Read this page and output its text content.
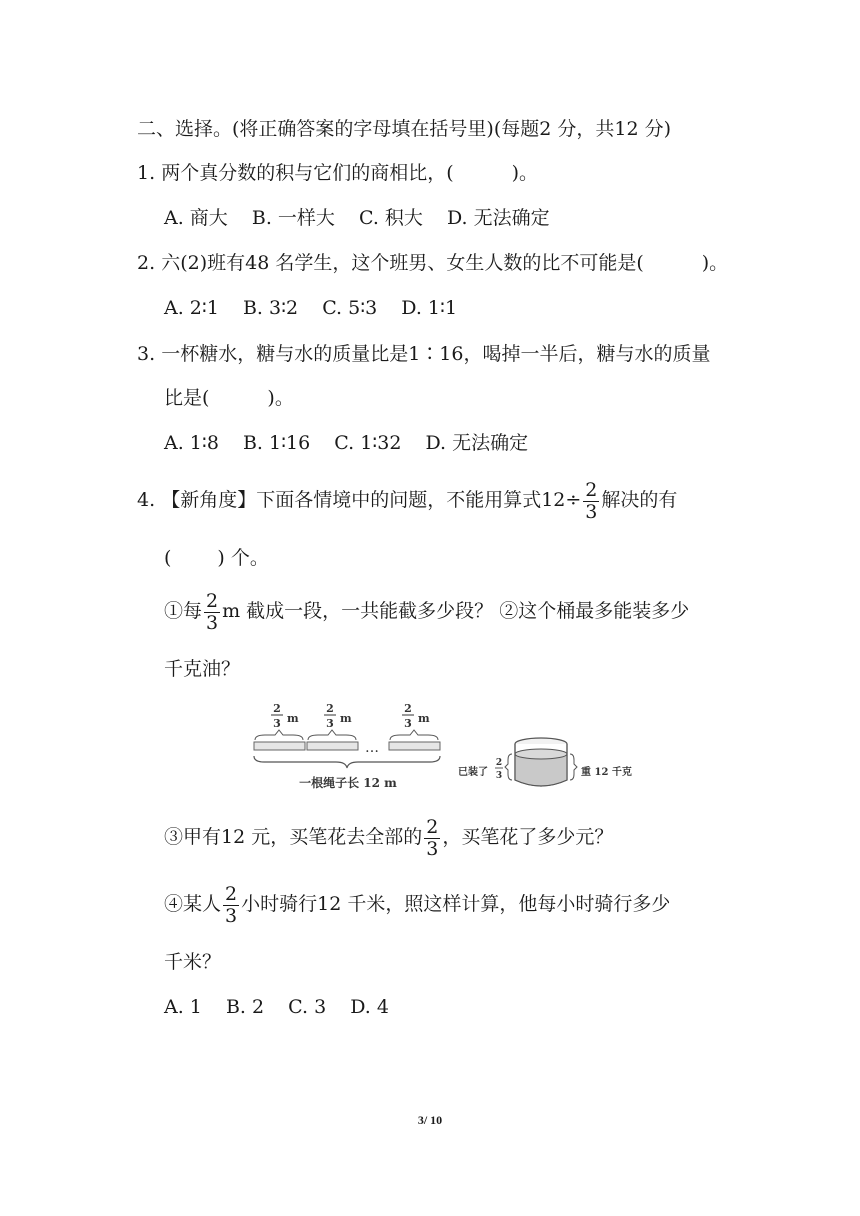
二、选择。(将正确答案的字母填在括号里)(每题2 分，共12 分)
1. 两个真分数的积与它们的商相比，(	)。
A. 商大 B. 一样大 C. 积大 D. 无法确定
2. 六(2)班有48 名学生，这个班男、女生人数的比不可能是(	)。
A. 2∶1 B. 3∶2 C. 5∶3 D. 1∶1
3. 一杯糖水，糖与水的质量比是1∶16，喝掉一半后，糖与水的质量
比是(	)。
A. 1∶8 B. 1∶16 C. 1∶32 D. 无法确定
4. 【新角度】下面各情境中的问题，不能用算式$12\div \frac{2}{3}$ 解决的有
( ) 个。
①每 $\frac{2}{3}$ m 截成一段，一共能截多少段？ ②这个桶最多能装多少
千克油？
2
3 m
2
3 m
2
3 m
…
一根绳子长 12 m
已装了
2
3	重 12 千克
③甲有12 元，买笔花去全部的 $\frac{2}{3}$ ，买笔花了多少元？
④某人 $\frac{2}{3}$ 小时骑行12 千米，照这样计算，他每小时骑行多少
千米？
A. 1 B. 2 C. 3 D. 4
3/ 10
